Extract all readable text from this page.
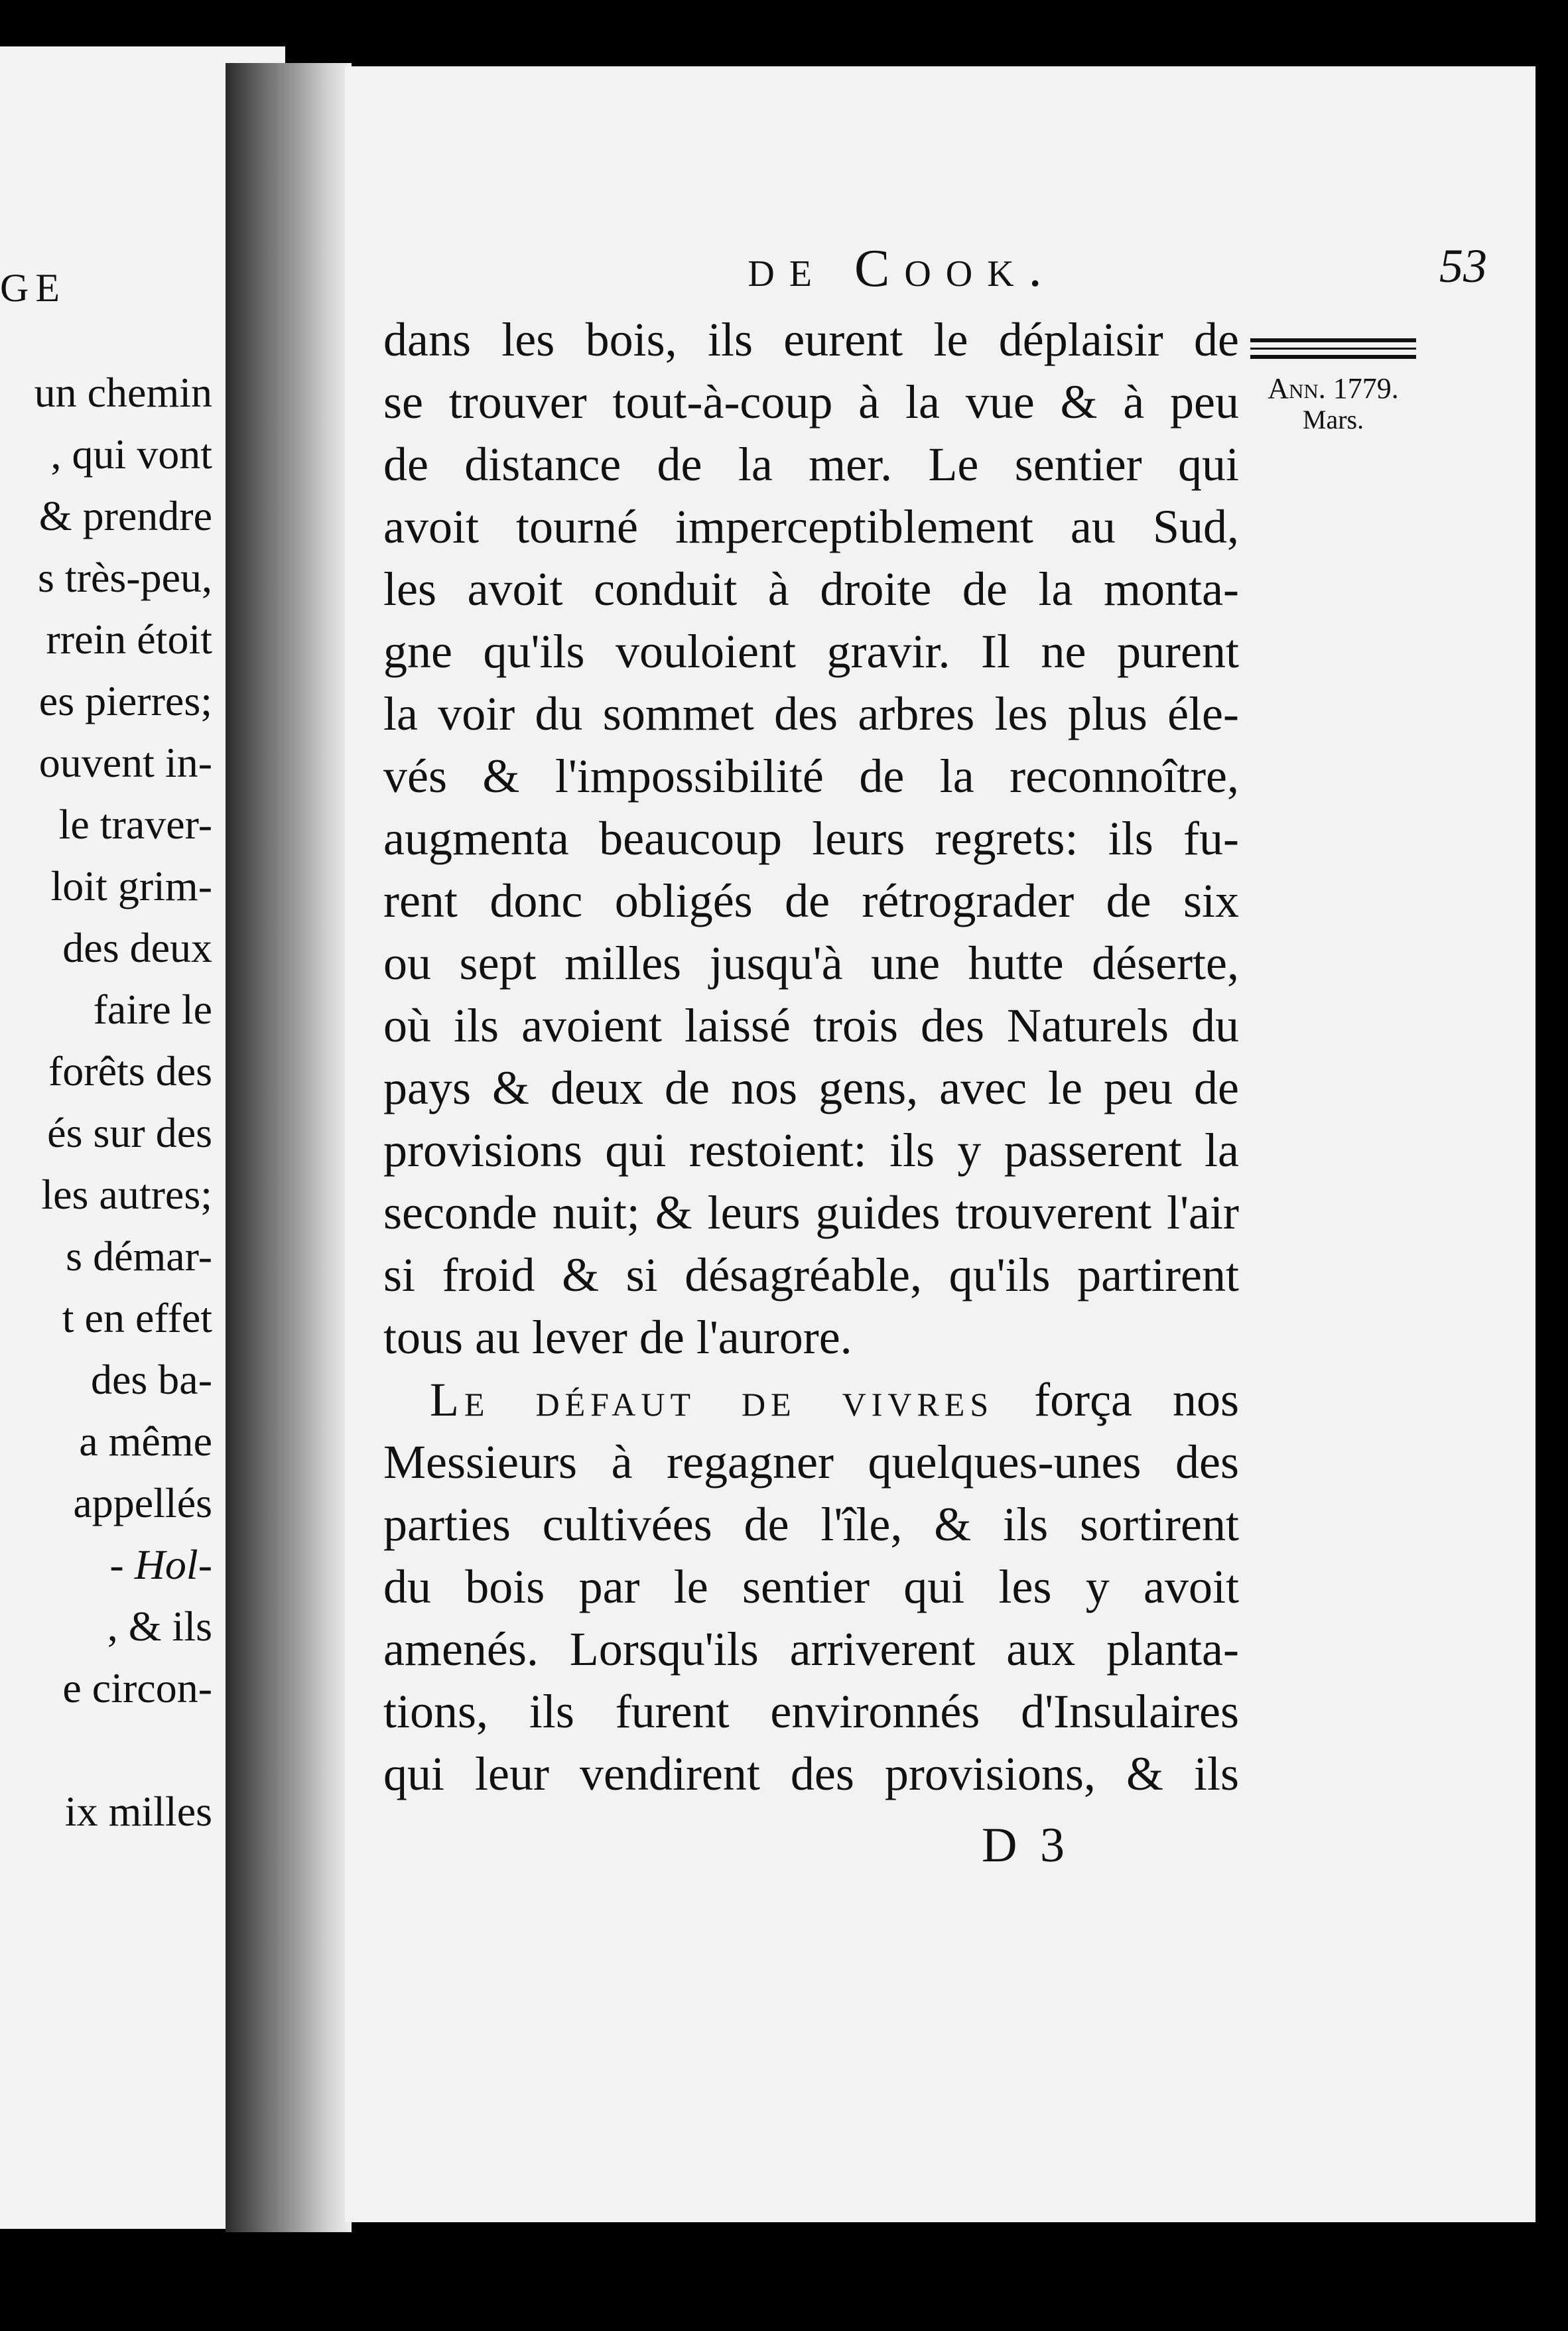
GE
un chemin
, qui vont
& prendre
s très-peu,
rrein étoit
es pierres;
ouvent in-
le traver-
loit grim-
des deux
faire le
forêts des
és sur des
les autres;
s démar-
t en effet
des ba-
a même
appellés
- Hol-
, & ils
e circon-
ix milles
de Cook.	53
Ann. 1779.
Mars.
dans les bois, ils eurent le déplaisir de
se trouver tout-à-coup à la vue & à peu
de distance de la mer. Le sentier qui
avoit tourné imperceptiblement au Sud,
les avoit conduit à droite de la monta-
gne qu'ils vouloient gravir. Il ne purent
la voir du sommet des arbres les plus éle-
vés & l'impossibilité de la reconnoître,
augmenta beaucoup leurs regrets: ils fu-
rent donc obligés de rétrograder de six
ou sept milles jusqu'à une hutte déserte,
où ils avoient laissé trois des Naturels du
pays & deux de nos gens, avec le peu de
provisions qui restoient: ils y passerent la
seconde nuit; & leurs guides trouverent l'air
si froid & si désagréable, qu'ils partirent
tous au lever de l'aurore.
Le défaut de vivres força nos
Messieurs à regagner quelques-unes des
parties cultivées de l'île, & ils sortirent
du bois par le sentier qui les y avoit
amenés. Lorsqu'ils arriverent aux planta-
tions, ils furent environnés d'Insulaires
qui leur vendirent des provisions, & ils
D 3
